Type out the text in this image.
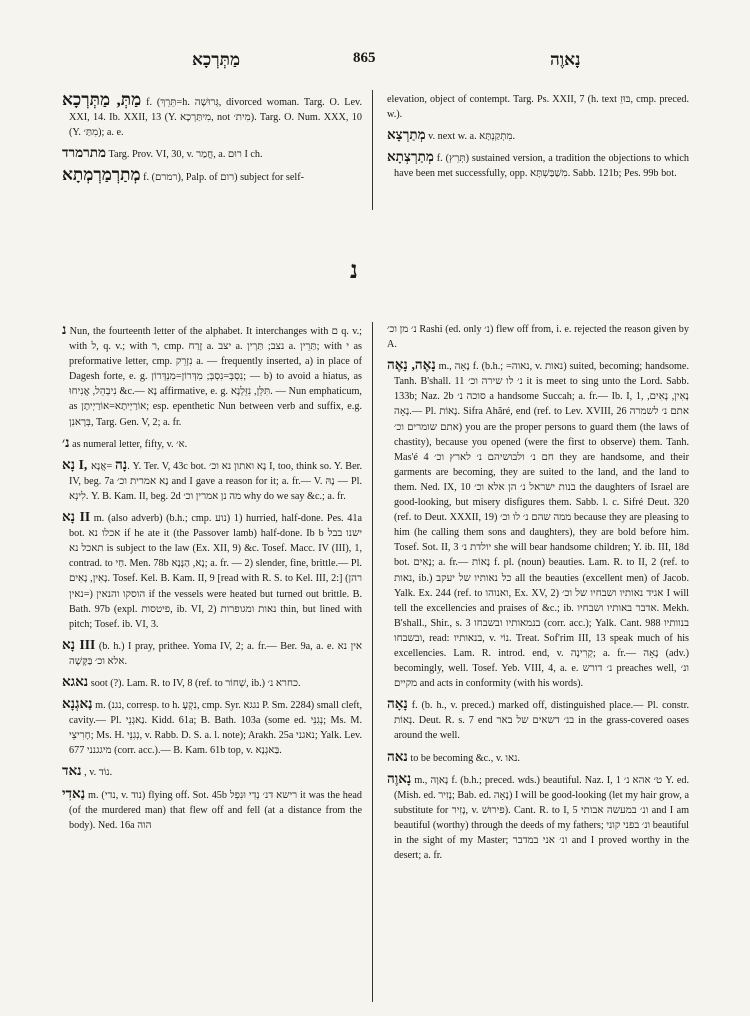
מַתְּרְכָא	865	נָאוֶה

מַתְּ, מַתְּרְכָא f. (תֵּרֵךְ=h. גְּרוּשָׁה, divorced woman. Targ. O. Lev. XXI, 14. Ib. XXII, 13 (Y. מִיתַּרְכָא, not מִית׳). Targ. O. Num. XXX, 10 (Y. מִתַּ׳); a. e.

מתרמרד Targ. Prov. VI, 30, v. חֲמַר, a. רוּם I ch.

מְתַרְמַרְמְתָא f. (רמרם), Palp. of רום) subject for self-

elevation, object of contempt. Targ. Ps. XXII, 7 (h. text בּוּזֵ, cmp. preced. w.).

מְתַרְצָא v. next w. a. מִתְקַנְתָּא.

מְתַרְצְתָא f. (תְּרֵץ) sustained version, a tradition the objections to which have been met successfully, opp. מִשַׁבַּשְׁתָּא. Sabb. 121b; Pes. 99b bot.

נ

נ Nun, the fourteenth letter of the alphabet. It interchanges with ם q. v.; with ל, q. v.; with ר, cmp. זֶרַח a. יצב a. נצב; תַּרְין a. תַּרֵין; with י as preformative letter, cmp. נִזְרֵק a. — frequently inserted, a) in place of Dagesh forte, e. g. נִסְבְּ=נִסְבְּ; מִדְּרוֹן=מִנְדְּרוֹן; — b) to avoid a hiatus, as נִיבְהֵל, אֲנִיחוּ &c.— נָא affirmative, e. g. תִּלֵּן, נִזֵּלְנָא. — Nun emphaticum, as אוֹרַיְיתָא=אוֹרַיְיתָן; esp. epenthetic Nun between verb and suffix, e.g. בְּרָאנִן, Targ. Gen. V, 2; a. fr.

נ׳ as numeral letter, fifty, v. א׳.

נָא I, נָה =אֲנָא. Y. Ter. V, 43c bot. נָא ואתון נא וכ׳ I, too, think so. Y. Ber. IV, beg. 7a נָא אמרית וכ׳ and I gave a reason for it; a. fr.— V. נָהּ — Pl. לִינְא. Y. B. Kam. II, beg. 2d מה נן אמרין וכ׳ why do we say &c.; a. fr.

נָא II m. (also adverb) (b.h.; cmp. נוע) 1) hurried, half-done. Pes. 41a bot. אכלו נא if he ate it (the Passover lamb) half-done. Ib b ישנו בבל תאכל נא is subject to the law (Ex. XII, 9) &c. Tosef. Macc. IV (III), 1, contrad. to חַי. Men. 78b נָא, הַנָּנָא; a. fr. — 2) slender, fine, brittle.— Pl. נָאִין, נָאִים. Tosef. Kel. B. Kam. II, 9 [read with R. S. to Kel. III, 2:] (רהן נאין=) הוסקו והנאין if the vessels were heated but turned out brittle. B. Bath. 97b (expl. פיטסות, ib. VI, 2) נאות ומגופרות thin, but lined with pitch; Tosef. ib. VI, 3.

נָא III (b. h.) I pray, prithee. Yoma IV, 2; a. fr.— Ber. 9a, a. e. אין נא אלא וכ׳ בַּקָּשָׁה.

נאגא soot (?). Lam. R. to IV, 8 (ref. to שְׁחוֹר, ib.) כחרא נ׳.

נַאגְנָא m. (נגנ, corresp. to h. נִקְעָ, cmp. Syr. נגגא P. Sm. 2284) small cleft, cavity.— Pl. נַאגְנֵי. Kidd. 61a; B. Bath. 103a (some ed. נְגִנֵּי; Ms. M. חָרִיצֵי; Ms. H. נְגִנֵּי, v. Rabb. D. S. a. l. note); Arakh. 25a נאגני; Yalk. Lev. 677 מיגגנני (corr. acc.).— B. Kam. 61b top, v. בַּאגְנָא.

נאד , v. נוֹד.

נַאדִי m. (נדי, v. נוד) flying off. Sot. 45b רישא דנ׳ נְדִי וּנִפְל it was the head (of the murdered man) that flew off and fell (at a distance from the body). Ned. 16a הוה

נ׳ מן וכ׳ Rashi (ed. only נ׳) flew off from, i. e. rejected the reason given by A.

נָאֶה, נָאֶה m., נָאָה f. (b.h.; =נאוה, v. נאות) suited, becoming; handsome. Tanh. B'shall. 11 נ׳ לו שירה וכ׳ it is meet to sing unto the Lord. Sabb. 133b; Naz. 2b סוכה נ׳ a handsome Succah; a. fr.— Ib. I, 1, נָאִין, נָאִים, נָאָה.— Pl. נָאוֹת. Sifra Ahăré, end (ref. to Lev. XVIII, 26 אתם נ׳ לשמרה אתם שומרים וכ׳) you are the proper persons to guard them (the laws of chastity), because you opened (were the first to observe) them. Tanh. Mas'é 4 חם נ׳ ולבושיהם נ׳ לארץ וכ׳ they are handsome, and their garments are becoming, they are suited to the land, and the land to them. Ned. IX, 10 בנות ישראל נ׳ הן אלא וכ׳ the daughters of Israel are good-looking, but misery disfigures them. Sabb. l. c. Sifré Deut. 320 (ref. to Deut. XXXII, 19) ממה שהם נ׳ לו וכ׳ because they are pleasing to him (he calling them sons and daughters), they are bold before him. Tosef. Sot. II, 3 יולדת נ׳ she will bear handsome children; Y. ib. III, 18d bot. נָאִים; a. fr.— נָאוֹת f. pl. (noun) beauties. Lam. R. to II, 2 (ref. to נאות, ib.) כל נאותיו של יעקב all the beauties (excellent men) of Jacob. Yalk. Ex. 244 (ref. to ואנוהו, Ex. XV, 2) אגיד נאותיו ושבחיו של וכ׳ I will tell the excellencies and praises of &c.; ib. אדבר באותיו ושבחיו. Mekh. B'shall., Shir., s. 3 בנמאותיו ובשבחו (corr. acc.); Yalk. Cant. 988 בנוותיו ובשבחו, read: בנאותיו, v. נוֹי. Treat. Sof'rim III, 13 speak much of his excellencies. Lam. R. introd. end, v. קְרִינָה; a. fr.— נָאָה (adv.) becomingly, well. Tosef. Yeb. VIII, 4, a. e. נ׳ דורש preaches well, ונ׳ מקיים and acts in conformity (with his words).

נָאָה f. (b. h., v. preced.) marked off, distinguished place.— Pl. constr. נְאוֹת. Deut. R. s. 7 end בנ׳ דשאים של באר in the grass-covered oases around the well.

נאה to be becoming &c., v. נאו.

נָאוֶה m., נָאוָה f. (b.h.; preced. wds.) beautiful. Naz. I, 1 ט׳ אהא נ׳ Y. ed. (Mish. ed. נָזִיר; Bab. ed. נָאָה) I will be good-looking (let my hair grow, a substitute for נָזִיר, v. פירוּשׁ). Cant. R. to I, 5 ונ׳ במעשה אבותי and I am beautiful (worthy) through the deeds of my fathers; ונ׳ בפני קוני beautiful in the sight of my Master; ונ׳ אני במדבר and I proved worthy in the desert; a. fr.
